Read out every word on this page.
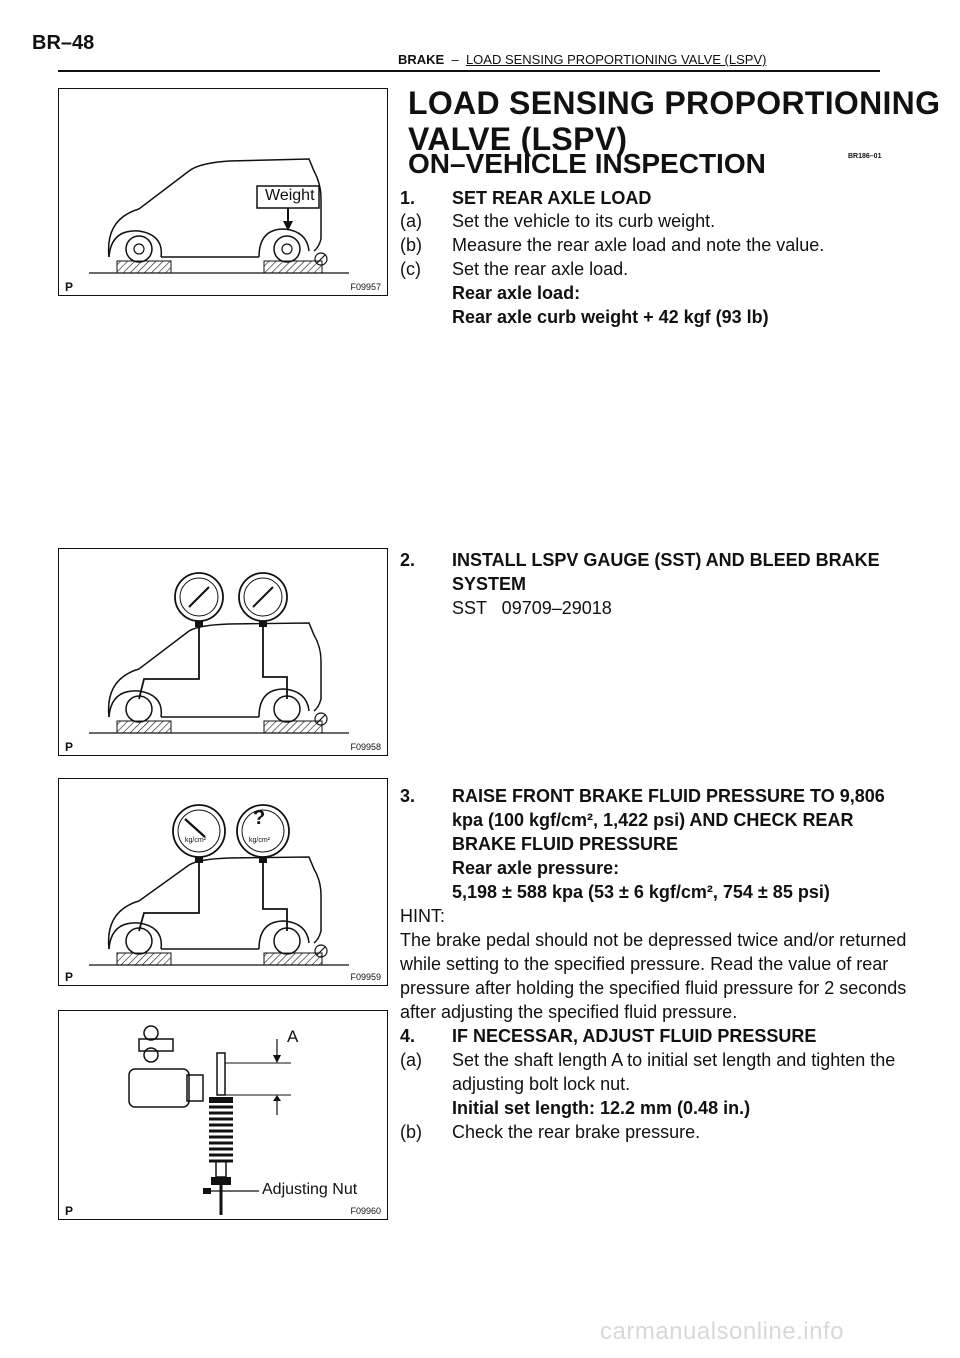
BR–48
BRAKE – LOAD SENSING PROPORTIONING VALVE (LSPV)
LOAD SENSING PROPORTIONING
VALVE (LSPV)
ON–VEHICLE INSPECTION	BR186–01
1. SET REAR AXLE LOAD
(a) Set the vehicle to its curb weight.
(b) Measure the rear axle load and note the value.
(c) Set the rear axle load.
Rear axle load:
Rear axle curb weight + 42 kgf (93 lb)
2. INSTALL LSPV GAUGE (SST) AND BLEED BRAKE
SYSTEM
SST   09709–29018
3. RAISE FRONT BRAKE FLUID PRESSURE TO 9,806
kpa (100 kgf/cm², 1,422 psi) AND CHECK REAR
BRAKE FLUID PRESSURE
Rear axle pressure:
5,198 ± 588 kpa (53 ± 6 kgf/cm², 754 ± 85 psi)
HINT:
The brake pedal should not be depressed twice and/or returned
while setting to the specified pressure. Read the value of rear
pressure after holding the specified fluid pressure for 2 seconds
after adjusting the specified fluid pressure.
4. IF NECESSAR, ADJUST FLUID PRESSURE
(a) Set the shaft length A to initial set length and tighten the
adjusting bolt lock nut.
Initial set length: 12.2 mm (0.48 in.)
(b) Check the rear brake pressure.
Weight
P	F09957
P	F09958
?
kg/cm²	kg/cm²
P	F09959
A
Adjusting Nut
P	F09960
carmanualsonline.info
